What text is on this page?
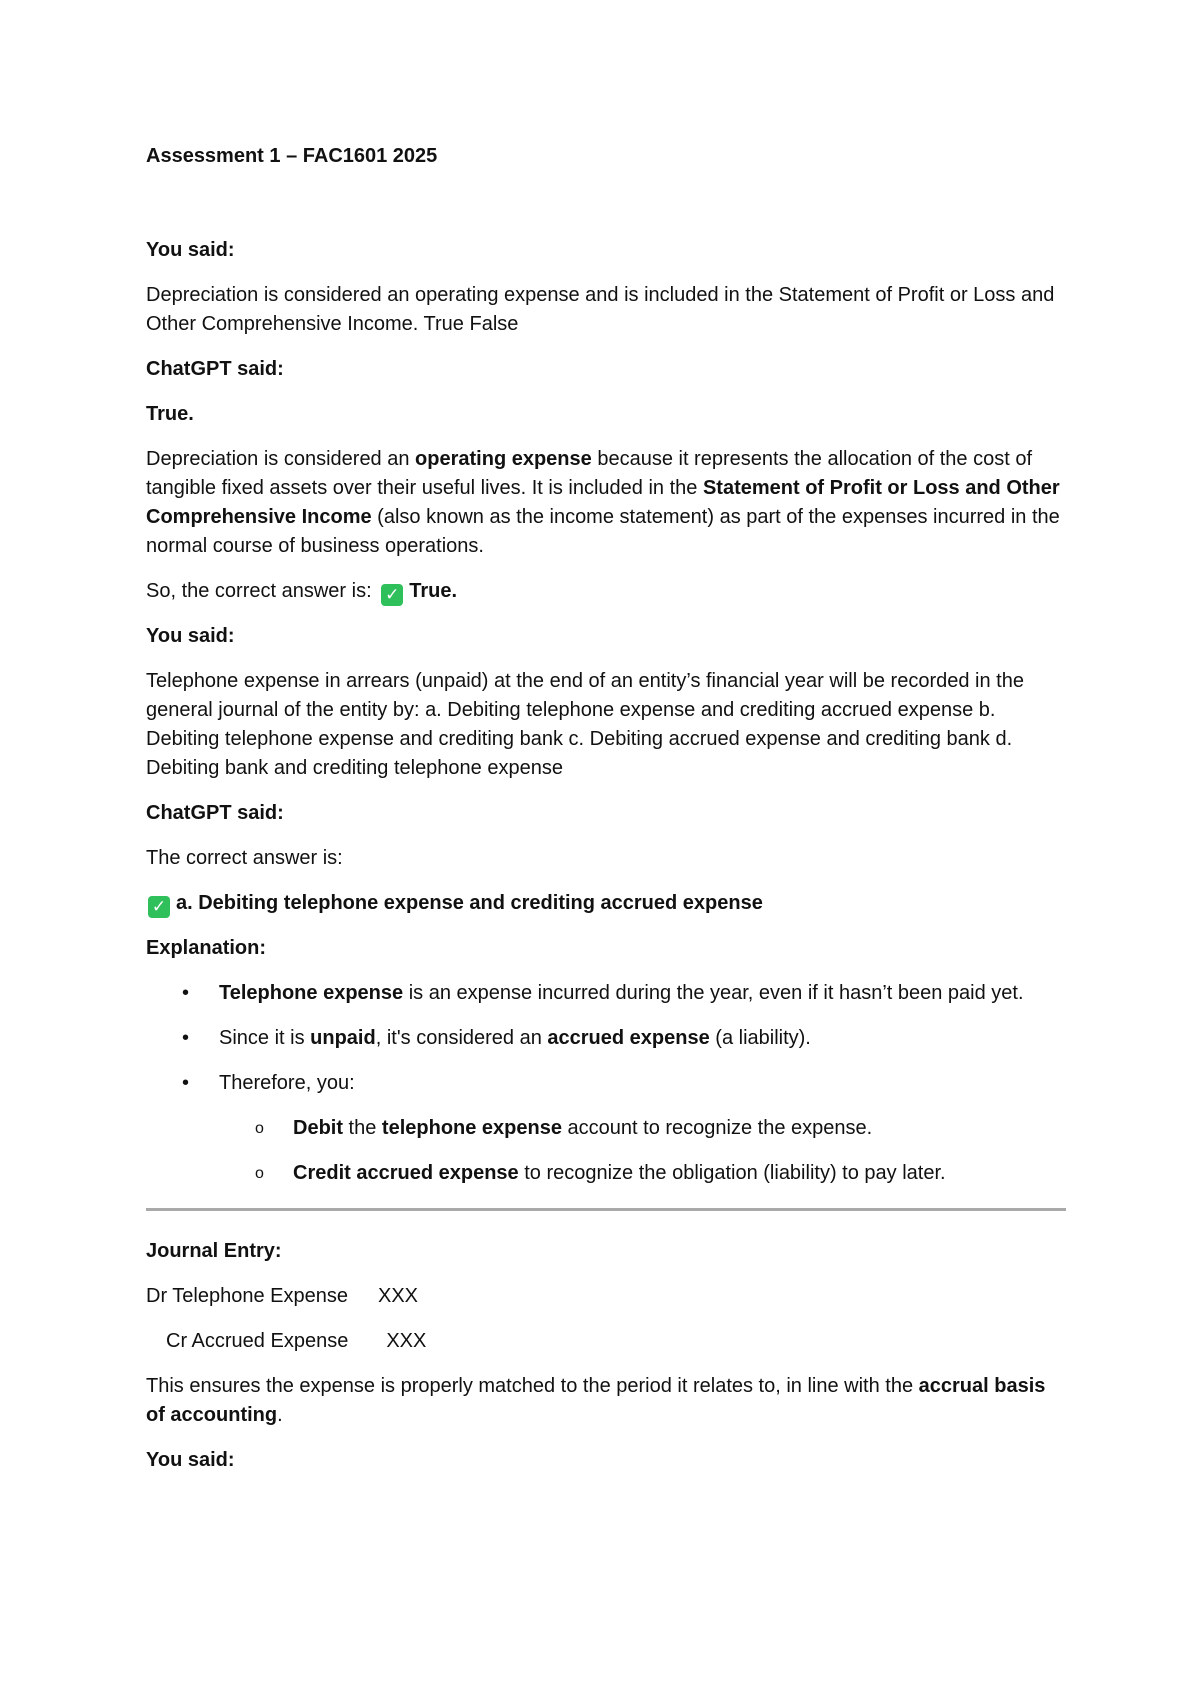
Assessment 1 – FAC1601 2025

You said:

Depreciation is considered an operating expense and is included in the Statement of Profit or Loss and Other Comprehensive Income. True False

ChatGPT said:

True.

Depreciation is considered an operating expense because it represents the allocation of the cost of tangible fixed assets over their useful lives. It is included in the Statement of Profit or Loss and Other Comprehensive Income (also known as the income statement) as part of the expenses incurred in the normal course of business operations.

So, the correct answer is: ✓ True.

You said:

Telephone expense in arrears (unpaid) at the end of an entity’s financial year will be recorded in the general journal of the entity by: a. Debiting telephone expense and crediting accrued expense b. Debiting telephone expense and crediting bank c. Debiting accrued expense and crediting bank d. Debiting bank and crediting telephone expense

ChatGPT said:

The correct answer is:

✓ a. Debiting telephone expense and crediting accrued expense

Explanation:

• Telephone expense is an expense incurred during the year, even if it hasn’t been paid yet.
• Since it is unpaid, it's considered an accrued expense (a liability).
• Therefore, you:
o Debit the telephone expense account to recognize the expense.
o Credit accrued expense to recognize the obligation (liability) to pay later.

Journal Entry:

Dr Telephone Expense XXX

Cr Accrued Expense XXX

This ensures the expense is properly matched to the period it relates to, in line with the accrual basis of accounting.

You said:
